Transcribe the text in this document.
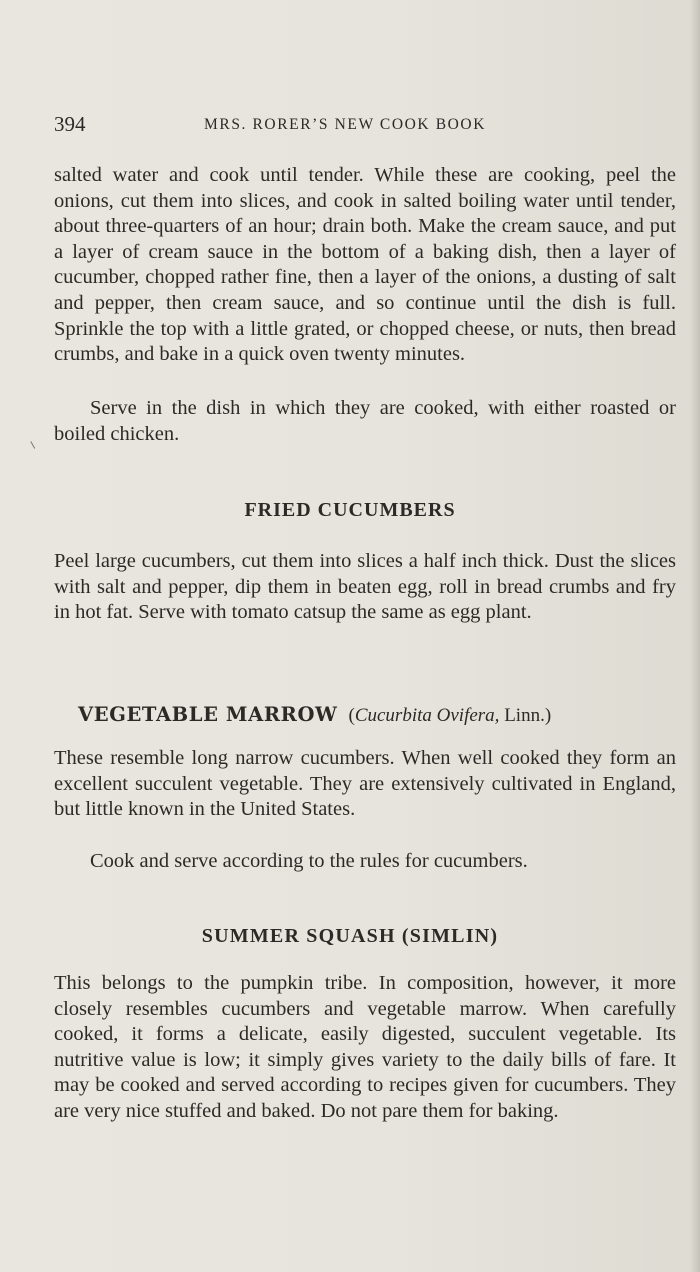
394	MRS. RORER’S NEW COOK BOOK

salted water and cook until tender. While these are cooking, peel the onions, cut them into slices, and cook in salted boiling water until tender, about three-quarters of an hour; drain both. Make the cream sauce, and put a layer of cream sauce in the bottom of a baking dish, then a layer of cucumber, chopped rather fine, then a layer of the onions, a dusting of salt and pepper, then cream sauce, and so continue until the dish is full. Sprinkle the top with a little grated, or chopped cheese, or nuts, then bread crumbs, and bake in a quick oven twenty minutes.

Serve in the dish in which they are cooked, with either roasted or boiled chicken.

FRIED CUCUMBERS

Peel large cucumbers, cut them into slices a half inch thick. Dust the slices with salt and pepper, dip them in beaten egg, roll in bread crumbs and fry in hot fat. Serve with tomato catsup the same as egg plant.

VEGETABLE MARROW (Cucurbita Ovifera, Linn.)

These resemble long narrow cucumbers. When well cooked they form an excellent succulent vegetable. They are extensively cultivated in England, but little known in the United States.

Cook and serve according to the rules for cucumbers.

SUMMER SQUASH (SIMLIN)

This belongs to the pumpkin tribe. In composition, however, it more closely resembles cucumbers and vegetable marrow. When carefully cooked, it forms a delicate, easily digested, succulent vegetable. Its nutritive value is low; it simply gives variety to the daily bills of fare. It may be cooked and served according to recipes given for cucumbers. They are very nice stuffed and baked. Do not pare them for baking.
